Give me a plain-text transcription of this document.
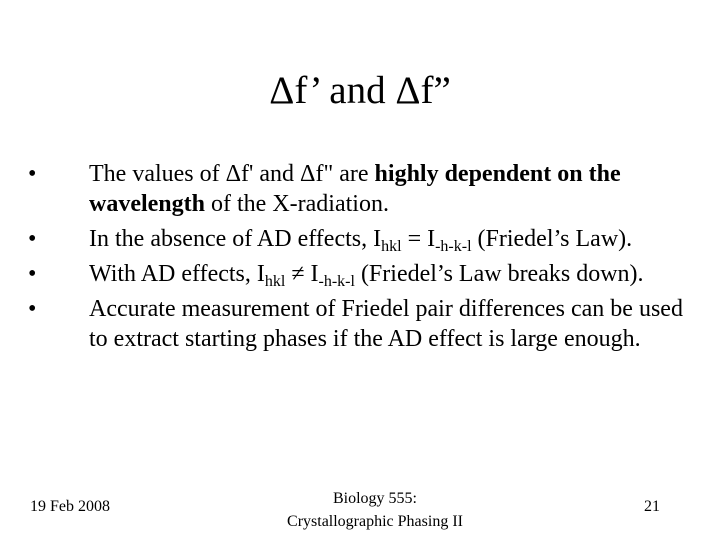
Δf’ and Δf”
•	The values of Δf' and Δf" are highly dependent on the wavelength of the X-radiation.
•	In the absence of AD effects, $I_{hkl} = I_{-h-k-l}$ (Friedel’s Law).
•	With AD effects, $I_{hkl} \ne I_{-h-k-l}$ (Friedel’s Law breaks down).
•	Accurate measurement of Friedel pair differences can be used to extract starting phases if the AD effect is large enough.
19 Feb 2008	Biology 555:
Crystallographic Phasing II
21
